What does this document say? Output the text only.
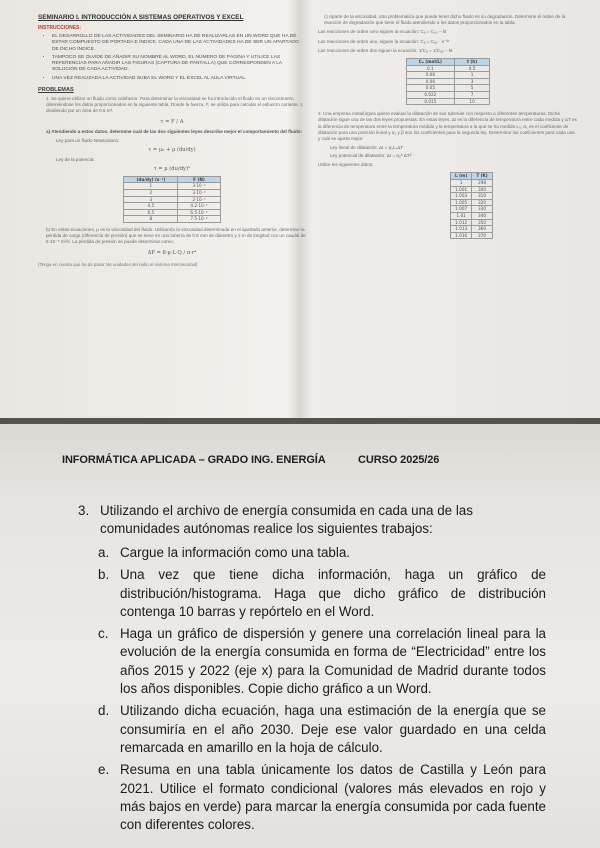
SEMINARIO I. INTRODUCCIÓN A SISTEMAS OPERATIVOS Y EXCEL
INSTRUCCIONES:
• EL DESARROLLO DE LAS ACTIVIDADES DEL SEMINARIO HA DE REALIZARLAS EN UN WORD QUE HA DE ESTAR COMPUESTO DE PORTADA E ÍNDICE. CADA UNA DE LAS ACTIVIDADES HA DE SER UN APARTADO DE DICHO ÍNDICE.
• TAMPOCO SE OLVIDE DE AÑADIR SU NOMBRE AL WORD, EL NÚMERO DE PÁGINA Y UTILICE LAS REFERENCIAS PARA AÑADIR LAS FIGURAS (CAPTURA DE PANTALLA) QUE CORRESPONDEN A LA SOLUCIÓN DE CADA ACTIVIDAD.
• UNA VEZ REALIZADA LA ACTIVIDAD SUBA EL WORD Y EL EXCEL AL AULA VIRTUAL.
PROBLEMAS
1. Se quiere utilizar un fluido como calefactor. Para determinar la viscosidad se ha introducido el fluido en un viscosímetro obteniéndose los datos proporcionados en la siguiente tabla. Donde la fuerza, F, se utiliza para calcular el esfuerzo cortante, τ, dividiendo por un área de 0.5 m².
τ = F / A
a) Atendiendo a estos datos, determine cuál de las dos siguientes leyes describe mejor el comportamiento del fluido:
Ley para un fluido Newtoniano:
τ = μ₀ + μ (du/dy)
Ley de la potencia:
τ = μ (du/dy)ⁿ
(du/dy) (s⁻¹)	F (N)
1	3·10⁻³
2	3·10⁻³
3	2·10⁻³
4.5	4.2·10⁻³
6.5	6.5·10⁻³
8	7.5·10⁻³
b) En estas ecuaciones, μ es la viscosidad del fluido. Utilizando la viscosidad determinada en el apartado anterior, determine la pérdida de carga (diferencia de presión) que se tiene en una tubería de 0.5 mm de diámetro y 2 m de longitud con un caudal de 5·10⁻⁵ m³/s. La pérdida de presión se puede determinar como:
ΔP = 8·μ·L·Q / π·r⁴
(Tenga en cuenta que ha de pasar las unidades del radio al sistema internacional)
c) Aparte de la viscosidad, otra problemática que puede tener dicho fluido es su degradación. Determine el orden de la reacción de degradación que tiene el fluido atendiendo a los datos proporcionados en la tabla.
Las reacciones de orden cero siguen la ecuación: Cₐ = Cₐ₀ − kt
Las reacciones de orden uno, siguen la ecuación: Cₐ = Cₐ₀ · e⁻ᵏᵗ
Las reacciones de orden dos siguen la ecuación: 1/Cₐ = 1/Cₐ₀ − kt
Cₐ (mol/L)	t (h)
0.1	0.5
0.08	1
0.06	3
0.05	5
0.022	7
0.015	10
2. Una empresa metalúrgica quiere evaluar la dilatación de sus tuberías con respecto a diferentes temperaturas. Dicha dilatación sigue una de las dos leyes propuestas. En estas leyes, ΔI es la diferencia de temperatura entre cada medida y ΔT es la diferencia de temperatura entre la temperatura medida y la temperatura a la que se ha medido L₀, α₁ es el coeficiente de dilatación para una posición lineal y α₂ y β son los coeficientes para la segunda ley. Determinar los coeficientes para cada una y cuál se ajusta mejor.
Ley lineal de dilatación: ΔI = α₁L₀ΔT
Ley potencial de dilatación: ΔI = α₂ᵇ ΔTᵝ
Utilice los siguientes datos:
L (m)	T (K)
1	298
1.001	300
1.003	310
1.005	320
1.007	330
1.01	340
1.012	350
1.013	360
1.016	370
INFORMÁTICA APLICADA – GRADO ING. ENERGÍA	CURSO 2025/26
3. Utilizando el archivo de energía consumida en cada una de las comunidades autónomas realice los siguientes trabajos:
a. Cargue la información como una tabla.
b. Una vez que tiene dicha información, haga un gráfico de distribución/histograma. Haga que dicho gráfico de distribución contenga 10 barras y repórtelo en el Word.
c. Haga un gráfico de dispersión y genere una correlación lineal para la evolución de la energía consumida en forma de “Electricidad” entre los años 2015 y 2022 (eje x) para la Comunidad de Madrid durante todos los años disponibles. Copie dicho gráfico a un Word.
d. Utilizando dicha ecuación, haga una estimación de la energía que se consumiría en el año 2030. Deje ese valor guardado en una celda remarcada en amarillo en la hoja de cálculo.
e. Resuma en una tabla únicamente los datos de Castilla y León para 2021. Utilice el formato condicional (valores más elevados en rojo y más bajos en verde) para marcar la energía consumida por cada fuente con diferentes colores.
